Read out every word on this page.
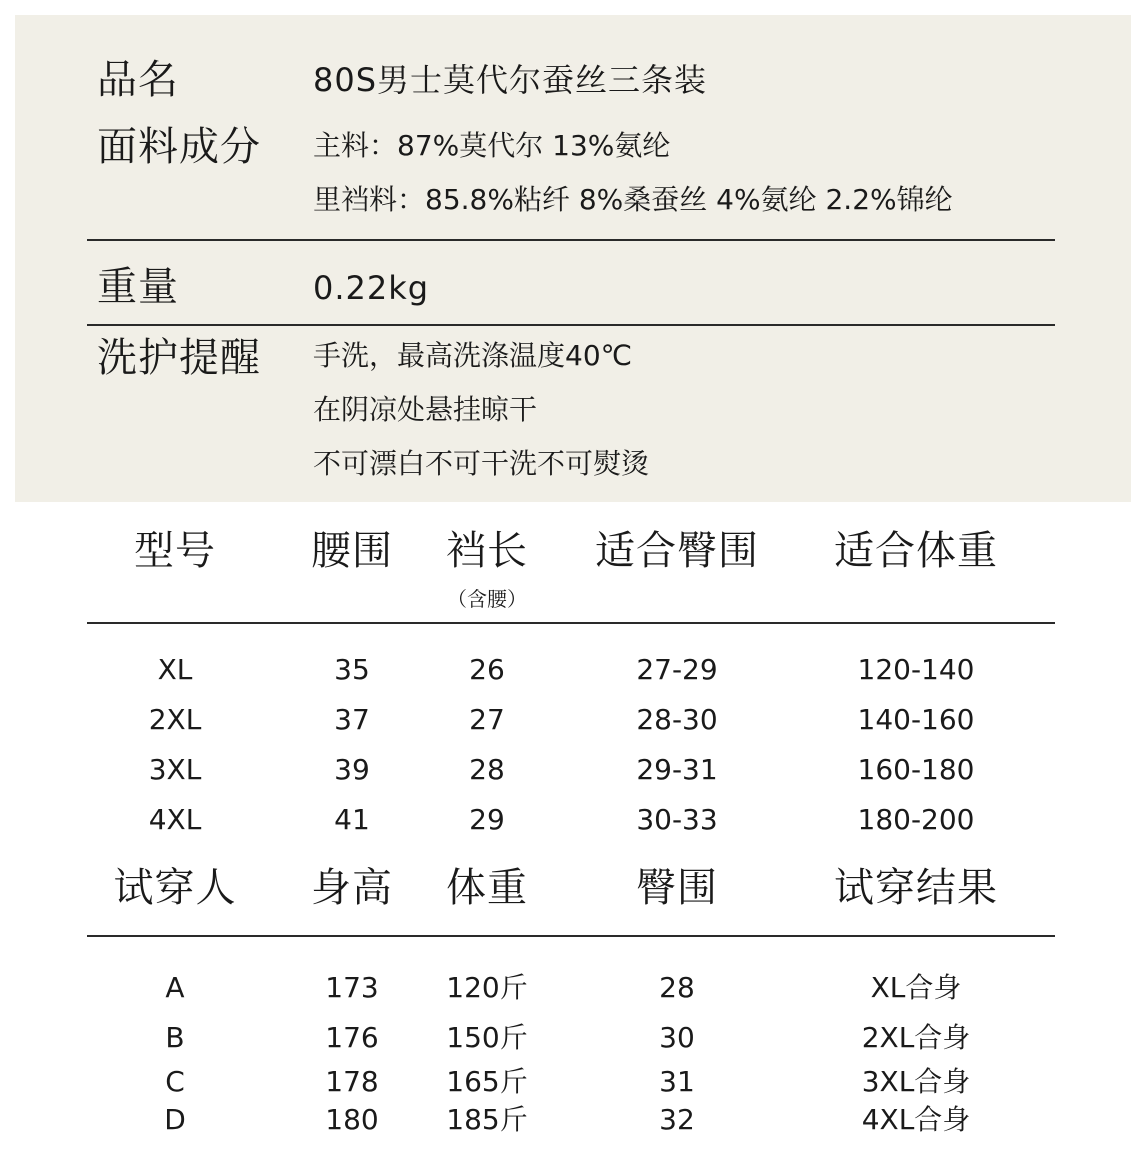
品名	80S男士莫代尔蚕丝三条装
面料成分 主料：87%莫代尔 13%氨纶
里裆料：85.8%粘纤 8%桑蚕丝 4%氨纶 2.2%锦纶
重量	0.22kg
洗护提醒 手洗，最高洗涤温度40℃
在阴凉处悬挂晾干
不可漂白不可干洗不可熨烫
型号 腰围 裆长 适合臀围 适合体重
（含腰）
XL	35	26	27-29	120-140
2XL	37	27	28-30	140-160
3XL	39	28	29-31	160-180
4XL	41	29	30-33	180-200
试穿人 身高 体重	臀围	试穿结果
A	173 120斤	28	XL合身
B	176 150斤	30	2XL合身
C	178 165斤	31	3XL合身
D	180 185斤	32	4XL合身
